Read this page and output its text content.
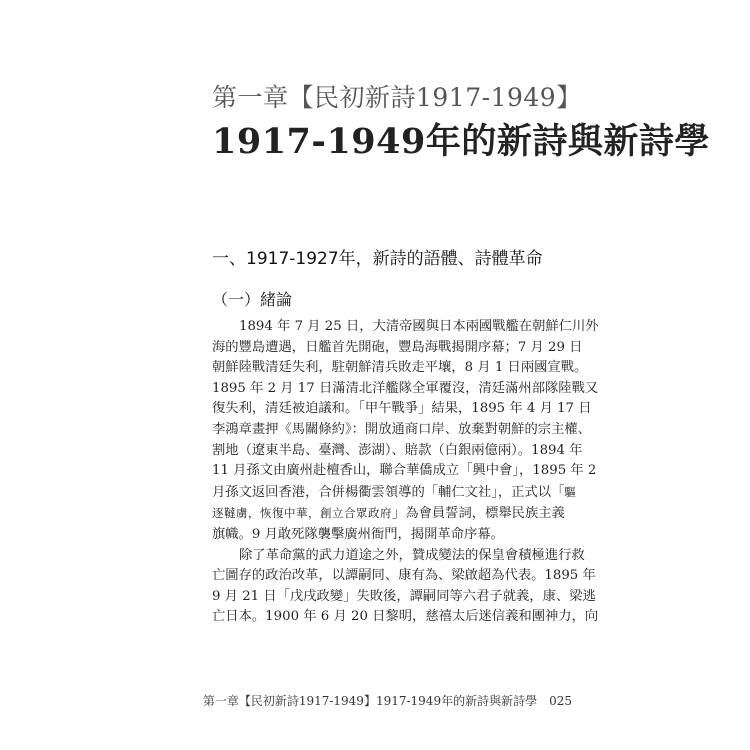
第一章【民初新詩1917-1949】
1917-1949年的新詩與新詩學
一、1917-1927年，新詩的語體、詩體革命
（一）緒論
1894 年 7 月 25 日，大清帝國與日本兩國戰艦在朝鮮仁川外
海的豐島遭遇，日艦首先開砲，豐島海戰揭開序幕；7 月 29 日
朝鮮陸戰清廷失利，駐朝鮮清兵敗走平壤，8 月 1 日兩國宣戰。
1895 年 2 月 17 日滿清北洋艦隊全軍覆沒，清廷滿州部隊陸戰又
復失利，清廷被迫議和。「甲午戰爭」結果，1895 年 4 月 17 日
李鴻章畫押《馬關條約》：開放通商口岸、放棄對朝鮮的宗主權、
割地（遼東半島、臺灣、澎湖）、賠款（白銀兩億兩）。1894 年
11 月孫文由廣州赴檀香山，聯合華僑成立「興中會」，1895 年 2
月孫文返回香港，合併楊衢雲領導的「輔仁文社」，正式以「驅
逐韃虜，恢復中華，創立合眾政府」為會員誓詞，標舉民族主義
旗幟。9 月敢死隊襲擊廣州衙門，揭開革命序幕。
除了革命黨的武力道途之外，贊成變法的保皇會積極進行救
亡圖存的政治改革，以譚嗣同、康有為、梁啟超為代表。1895 年
9 月 21 日「戊戌政變」失敗後，譚嗣同等六君子就義，康、梁逃
亡日本。1900 年 6 月 20 日黎明，慈禧太后迷信義和團神力，向
第一章【民初新詩1917-1949】1917-1949年的新詩與新詩學 025
